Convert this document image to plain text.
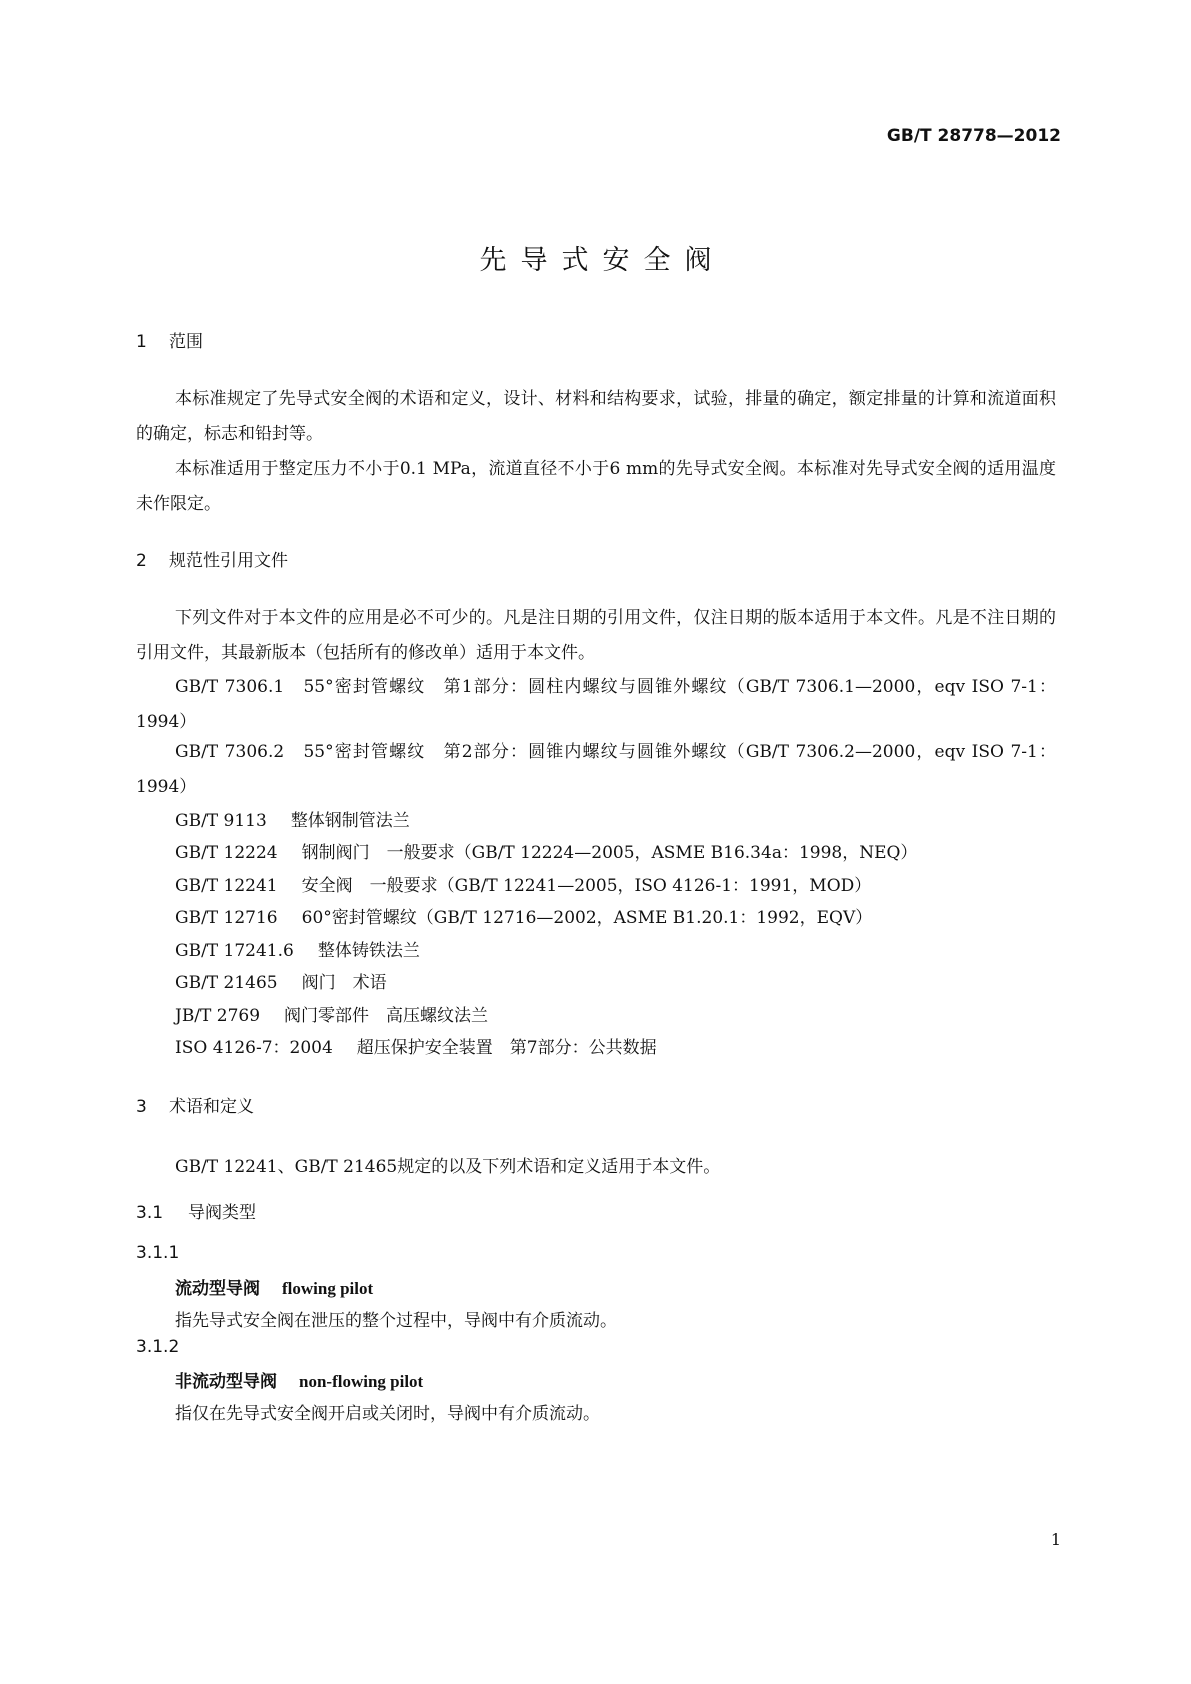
GB/T 28778—2012
先导式安全阀
1 范围
本标准规定了先导式安全阀的术语和定义，设计、材料和结构要求，试验，排量的确定，额定排量的计算和流道面积的确定，标志和铅封等。
本标准适用于整定压力不小于0.1 MPa，流道直径不小于6 mm的先导式安全阀。本标准对先导式安全阀的适用温度未作限定。
2 规范性引用文件
下列文件对于本文件的应用是必不可少的。凡是注日期的引用文件，仅注日期的版本适用于本文件。凡是不注日期的引用文件，其最新版本（包括所有的修改单）适用于本文件。
GB/T 7306.1　55°密封管螺纹　第1部分：圆柱内螺纹与圆锥外螺纹（GB/T 7306.1—2000，eqv ISO 7-1：1994）
GB/T 7306.2　55°密封管螺纹　第2部分：圆锥内螺纹与圆锥外螺纹（GB/T 7306.2—2000，eqv ISO 7-1：1994）
GB/T 9113 整体钢制管法兰
GB/T 12224 钢制阀门　一般要求（GB/T 12224—2005，ASME B16.34a：1998，NEQ）
GB/T 12241 安全阀　一般要求（GB/T 12241—2005，ISO 4126-1：1991，MOD）
GB/T 12716 60°密封管螺纹（GB/T 12716—2002，ASME B1.20.1：1992，EQV）
GB/T 17241.6 整体铸铁法兰
GB/T 21465 阀门　术语
JB/T 2769 阀门零部件　高压螺纹法兰
ISO 4126-7：2004 超压保护安全装置　第7部分：公共数据
3 术语和定义
GB/T 12241、GB/T 21465规定的以及下列术语和定义适用于本文件。
3.1 导阀类型
3.1.1
流动型导阀 flowing pilot
指先导式安全阀在泄压的整个过程中，导阀中有介质流动。
3.1.2
非流动型导阀 non-flowing pilot
指仅在先导式安全阀开启或关闭时，导阀中有介质流动。
1
